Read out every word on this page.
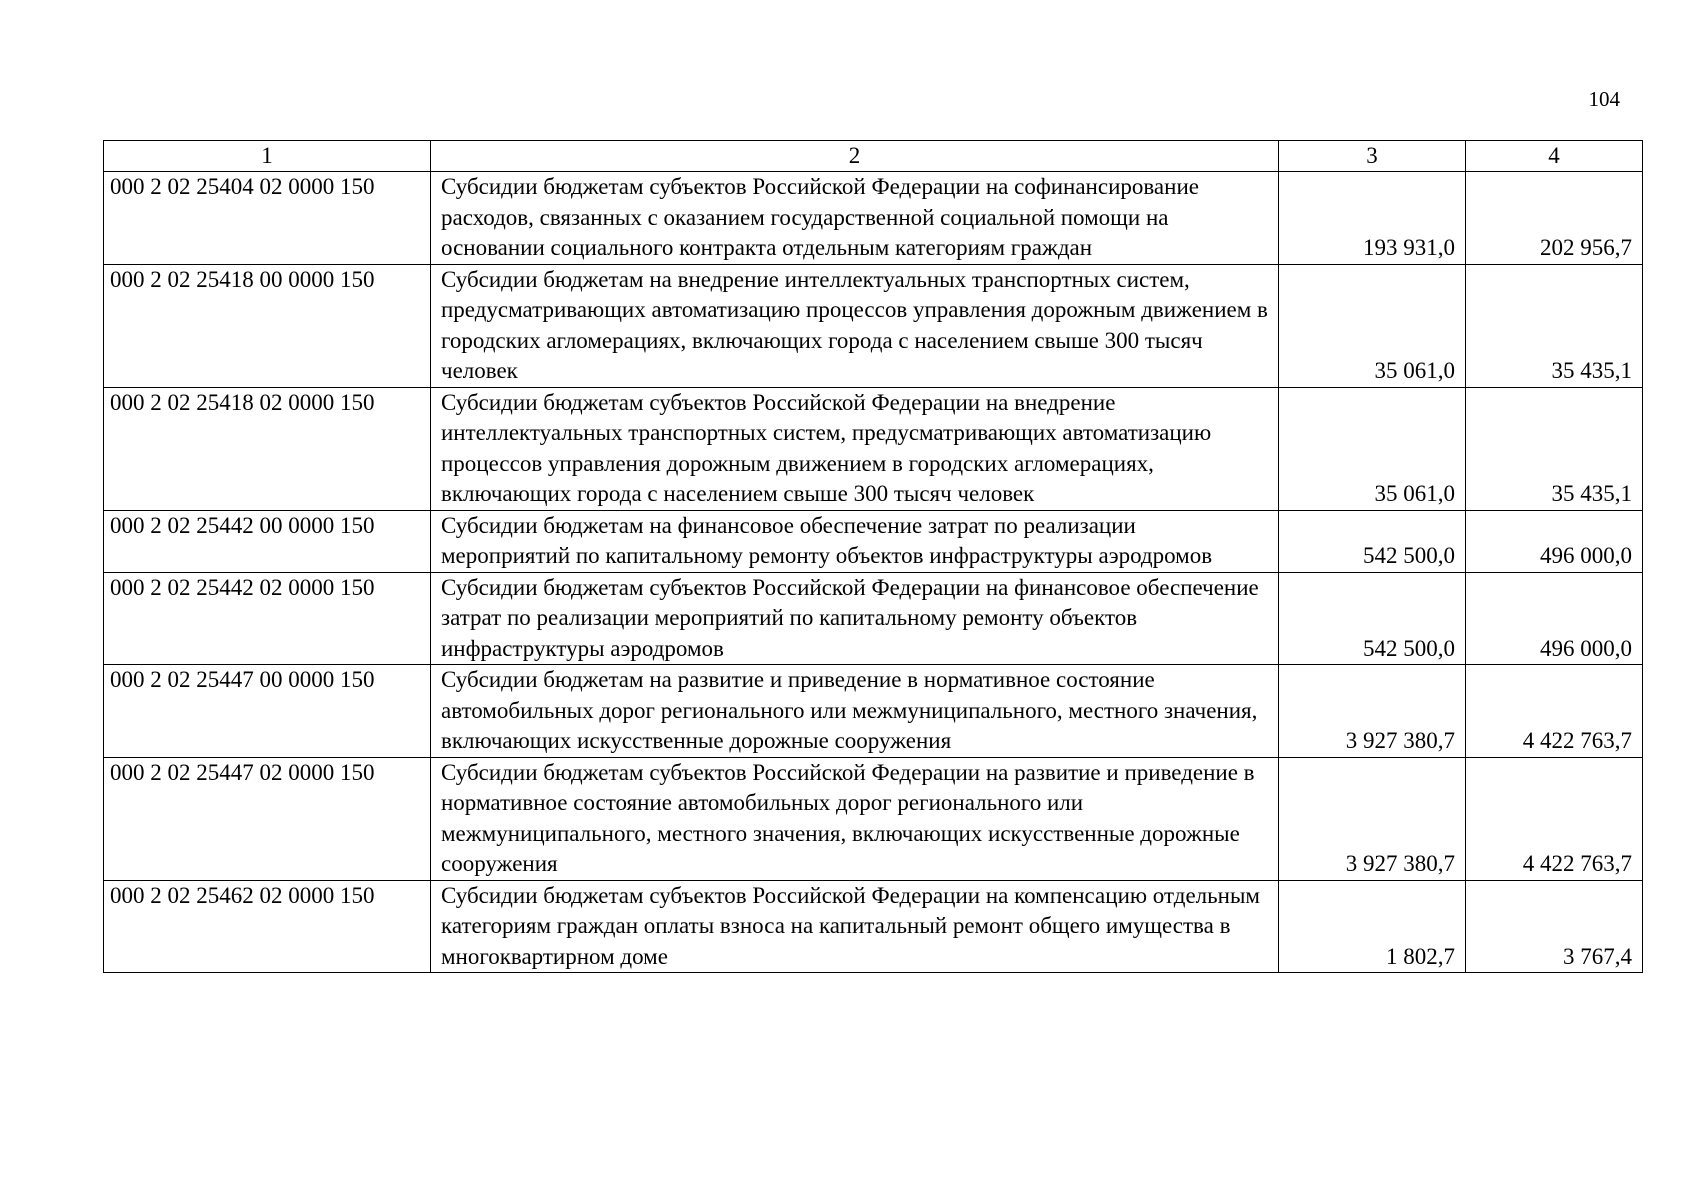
104
1	2	3	4
000 2 02 25404 02 0000 150	Субсидии бюджетам субъектов Российской Федерации на софинансирование расходов, связанных с оказанием государственной социальной помощи на основании социального контракта отдельным категориям граждан	193 931,0	202 956,7
000 2 02 25418 00 0000 150	Субсидии бюджетам на внедрение интеллектуальных транспортных систем, предусматривающих автоматизацию процессов управления дорожным движением в городских агломерациях, включающих города с населением свыше 300 тысяч человек	35 061,0	35 435,1
000 2 02 25418 02 0000 150	Субсидии бюджетам субъектов Российской Федерации на внедрение интеллектуальных транспортных систем, предусматривающих автоматизацию процессов управления дорожным движением в городских агломерациях, включающих города с населением свыше 300 тысяч человек	35 061,0	35 435,1
000 2 02 25442 00 0000 150	Субсидии бюджетам на финансовое обеспечение затрат по реализации мероприятий по капитальному ремонту объектов инфраструктуры аэродромов	542 500,0	496 000,0
000 2 02 25442 02 0000 150	Субсидии бюджетам субъектов Российской Федерации на финансовое обеспечение затрат по реализации мероприятий по капитальному ремонту объектов инфраструктуры аэродромов	542 500,0	496 000,0
000 2 02 25447 00 0000 150	Субсидии бюджетам на развитие и приведение в нормативное состояние автомобильных дорог регионального или межмуниципального, местного значения, включающих искусственные дорожные сооружения	3 927 380,7	4 422 763,7
000 2 02 25447 02 0000 150	Субсидии бюджетам субъектов Российской Федерации на развитие и приведение в нормативное состояние автомобильных дорог регионального или межмуниципального, местного значения, включающих искусственные дорожные сооружения	3 927 380,7	4 422 763,7
000 2 02 25462 02 0000 150	Субсидии бюджетам субъектов Российской Федерации на компенсацию отдельным категориям граждан оплаты взноса на капитальный ремонт общего имущества в многоквартирном доме	1 802,7	3 767,4
